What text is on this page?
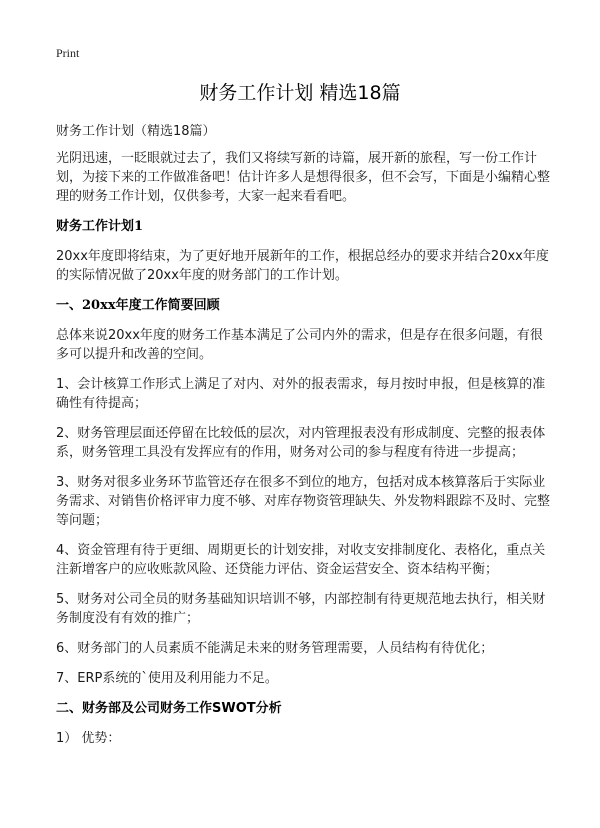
Print
财务工作计划 精选18篇

财务工作计划（精选18篇）

光阴迅速，一眨眼就过去了，我们又将续写新的诗篇，展开新的旅程，写一份工作计划，为接下来的工作做准备吧！估计许多人是想得很多，但不会写，下面是小编精心整理的财务工作计划，仅供参考，大家一起来看看吧。

财务工作计划1

20xx年度即将结束，为了更好地开展新年的工作，根据总经办的要求并结合20xx年度的实际情况做了20xx年度的财务部门的工作计划。

一、20xx年度工作简要回顾

总体来说20xx年度的财务工作基本满足了公司内外的需求，但是存在很多问题，有很多可以提升和改善的空间。

1、会计核算工作形式上满足了对内、对外的报表需求，每月按时申报，但是核算的准确性有待提高；

2、财务管理层面还停留在比较低的层次，对内管理报表没有形成制度、完整的报表体系，财务管理工具没有发挥应有的作用，财务对公司的参与程度有待进一步提高；

3、财务对很多业务环节监管还存在很多不到位的地方，包括对成本核算落后于实际业务需求、对销售价格评审力度不够、对库存物资管理缺失、外发物料跟踪不及时、完整等问题；

4、资金管理有待于更细、周期更长的计划安排，对收支安排制度化、表格化，重点关注新增客户的应收账款风险、还贷能力评估、资金运营安全、资本结构平衡；

5、财务对公司全员的财务基础知识培训不够，内部控制有待更规范地去执行，相关财务制度没有有效的推广；

6、财务部门的人员素质不能满足未来的财务管理需要，人员结构有待优化；

7、ERP系统的`使用及利用能力不足。

二、财务部及公司财务工作SWOT分析

1） 优势：
